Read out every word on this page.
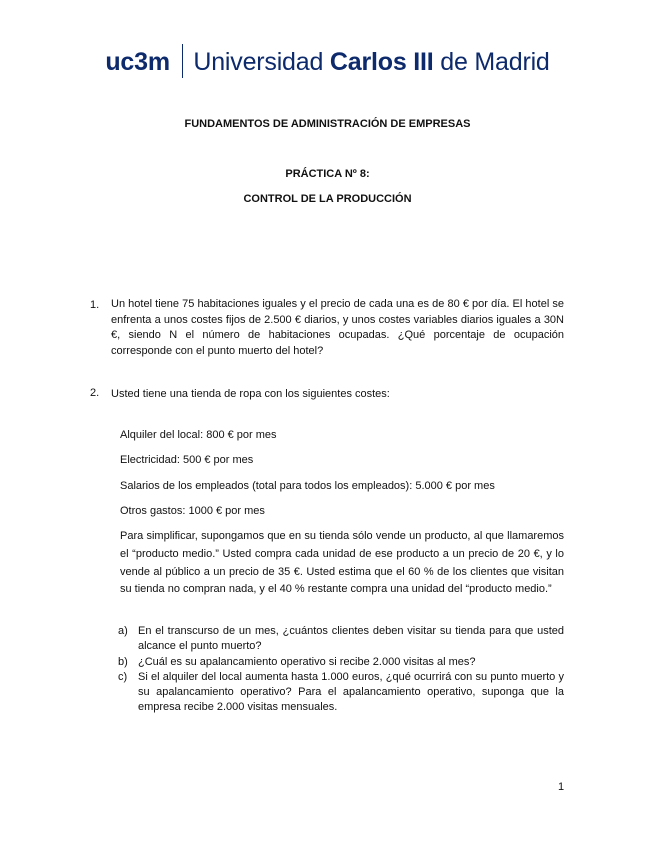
uc3m Universidad Carlos III de Madrid
FUNDAMENTOS DE ADMINISTRACIÓN DE EMPRESAS
PRÁCTICA Nº 8:
CONTROL DE LA PRODUCCIÓN
1. Un hotel tiene 75 habitaciones iguales y el precio de cada una es de 80 € por día. El hotel se enfrenta a unos costes fijos de 2.500 € diarios, y unos costes variables diarios iguales a 30N €, siendo N el número de habitaciones ocupadas. ¿Qué porcentaje de ocupación corresponde con el punto muerto del hotel?
2. Usted tiene una tienda de ropa con los siguientes costes:
Alquiler del local: 800 € por mes
Electricidad: 500 € por mes
Salarios de los empleados (total para todos los empleados): 5.000 € por mes
Otros gastos: 1000 € por mes
Para simplificar, supongamos que en su tienda sólo vende un producto, al que llamaremos el “producto medio.” Usted compra cada unidad de ese producto a un precio de 20 €, y lo vende al público a un precio de 35 €. Usted estima que el 60 % de los clientes que visitan su tienda no compran nada, y el 40 % restante compra una unidad del “producto medio.”
a) En el transcurso de un mes, ¿cuántos clientes deben visitar su tienda para que usted alcance el punto muerto?
b) ¿Cuál es su apalancamiento operativo si recibe 2.000 visitas al mes?
c) Si el alquiler del local aumenta hasta 1.000 euros, ¿qué ocurrirá con su punto muerto y su apalancamiento operativo? Para el apalancamiento operativo, suponga que la empresa recibe 2.000 visitas mensuales.
1
